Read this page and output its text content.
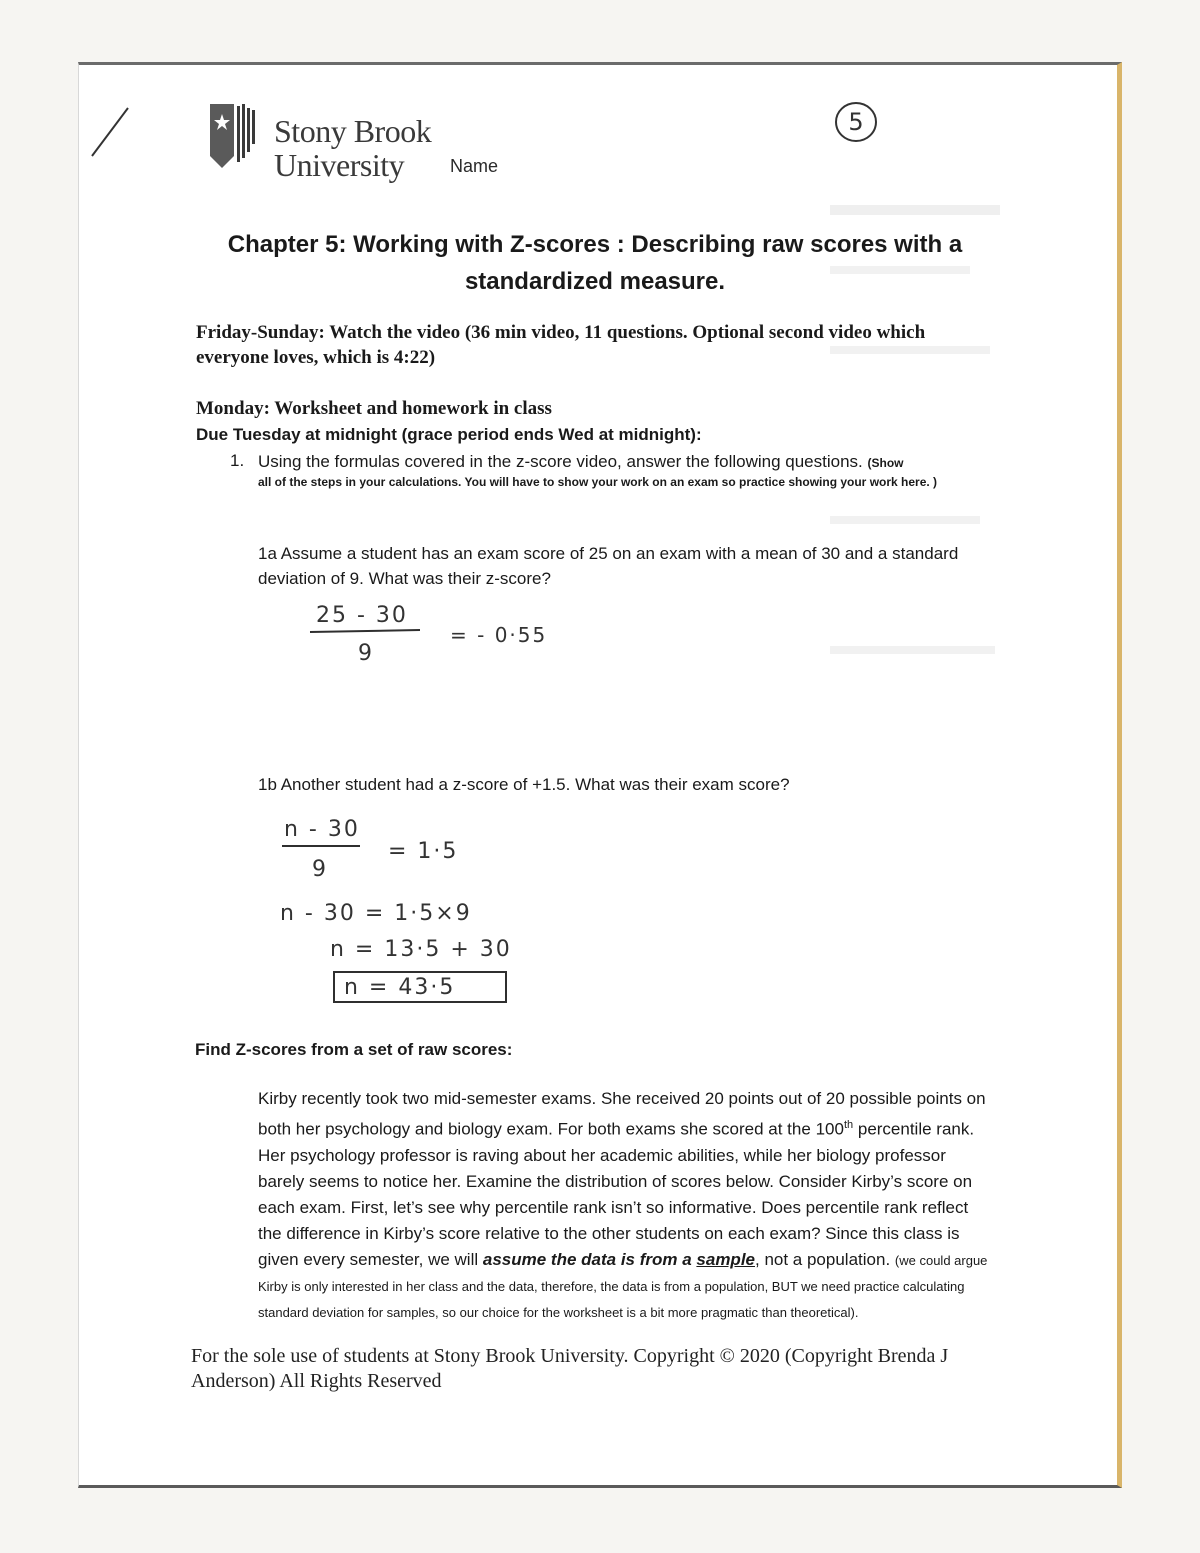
Stony Brook
University	Name
5
Chapter 5: Working with Z-scores : Describing raw scores with a
standardized measure.
Friday-Sunday: Watch the video (36 min video, 11 questions. Optional second video which everyone loves, which is 4:22)
Monday: Worksheet and homework in class
Due Tuesday at midnight (grace period ends Wed at midnight):
1. Using the formulas covered in the z-score video, answer the following questions. (Show
all of the steps in your calculations. You will have to show your work on an exam so practice showing your work here. )
1a Assume a student has an exam score of 25 on an exam with a mean of 30 and a standard deviation of 9. What was their z-score?
25 - 30
9
= - 0·55
1b Another student had a z-score of +1.5. What was their exam score?
n - 30
9
= 1·5
n - 30 = 1·5×9
n = 13·5 + 30
n = 43·5
Find Z-scores from a set of raw scores:
Kirby recently took two mid-semester exams. She received 20 points out of 20 possible points on both her psychology and biology exam. For both exams she scored at the 100th percentile rank. Her psychology professor is raving about her academic abilities, while her biology professor barely seems to notice her. Examine the distribution of scores below. Consider Kirby’s score on each exam. First, let’s see why percentile rank isn’t so informative. Does percentile rank reflect the difference in Kirby’s score relative to the other students on each exam? Since this class is given every semester, we will assume the data is from a sample, not a population. (we could argue Kirby is only interested in her class and the data, therefore, the data is from a population, BUT we need practice calculating standard deviation for samples, so our choice for the worksheet is a bit more pragmatic than theoretical).
For the sole use of students at Stony Brook University. Copyright © 2020 (Copyright Brenda J Anderson) All Rights Reserved
